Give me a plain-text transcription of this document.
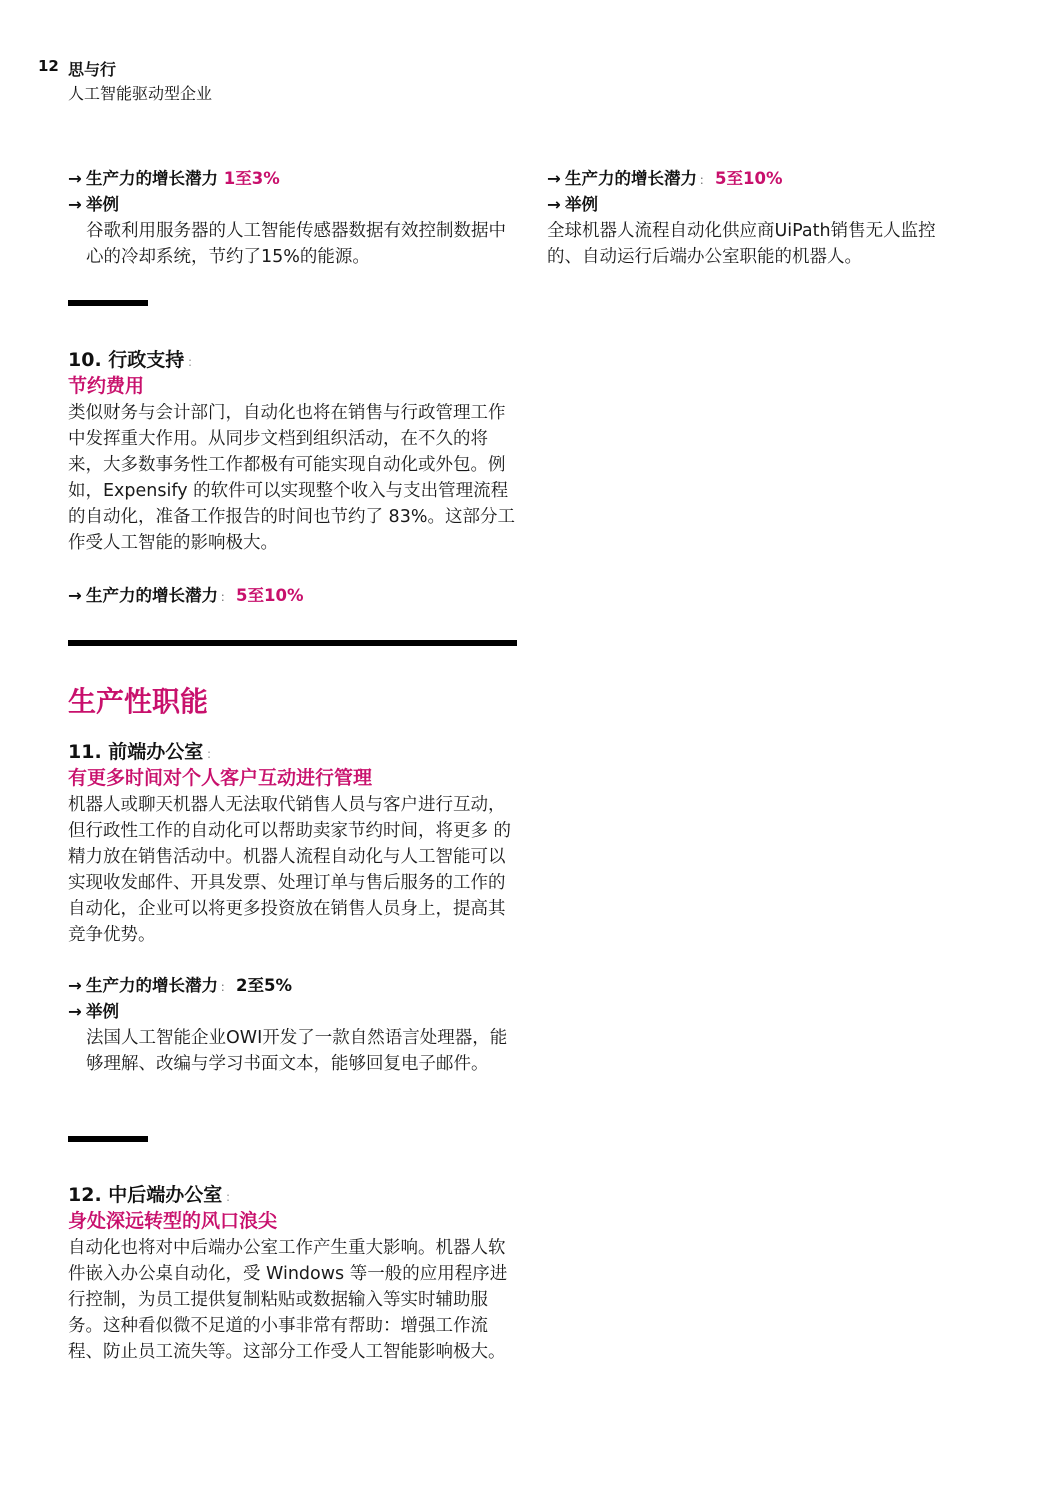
12 思与行
人工智能驱动型企业
→ 生产力的增长潜力 1至3%
→ 举例

谷歌利用服务器的人工智能传感器数据有效控制数据中心的冷却系统，节约了15%的能源。

10. 行政支持 ：
节约费用

类似财务与会计部门，自动化也将在销售与行政管理工作中发挥重大作用。从同步文档到组织活动，在不久的将来，大多数事务性工作都极有可能实现自动化或外包。例如，Expensify 的软件可以实现整个收入与支出管理流程的自动化，准备工作报告的时间也节约了 83%。这部分工作受人工智能的影响极大。

→ 生产力的增长潜力 ： 5至10%
生产性职能
11. 前端办公室 ：
有更多时间对个人客户互动进行管理

机器人或聊天机器人无法取代销售人员与客户进行互动，但行政性工作的自动化可以帮助卖家节约时间，将更多 的精力放在销售活动中。机器人流程自动化与人工智能可以实现收发邮件、开具发票、处理订单与售后服务的工作的自动化，企业可以将更多投资放在销售人员身上，提高其竞争优势。

→ 生产力的增长潜力 ： 2至5%
→ 举例

法国人工智能企业OWI开发了一款自然语言处理器，能够理解、改编与学习书面文本，能够回复电子邮件。

12. 中后端办公室 ：
身处深远转型的风口浪尖

自动化也将对中后端办公室工作产生重大影响。机器人软件嵌入办公桌自动化，受 Windows 等一般的应用程序进行控制，为员工提供复制粘贴或数据输入等实时辅助服务。这种看似微不足道的小事非常有帮助：增强工作流程、防止员工流失等。这部分工作受人工智能影响极大。

→ 生产力的增长潜力 ： 5至10%
→ 举例

全球机器人流程自动化供应商UiPath销售无人监控的、自动运行后端办公室职能的机器人。
